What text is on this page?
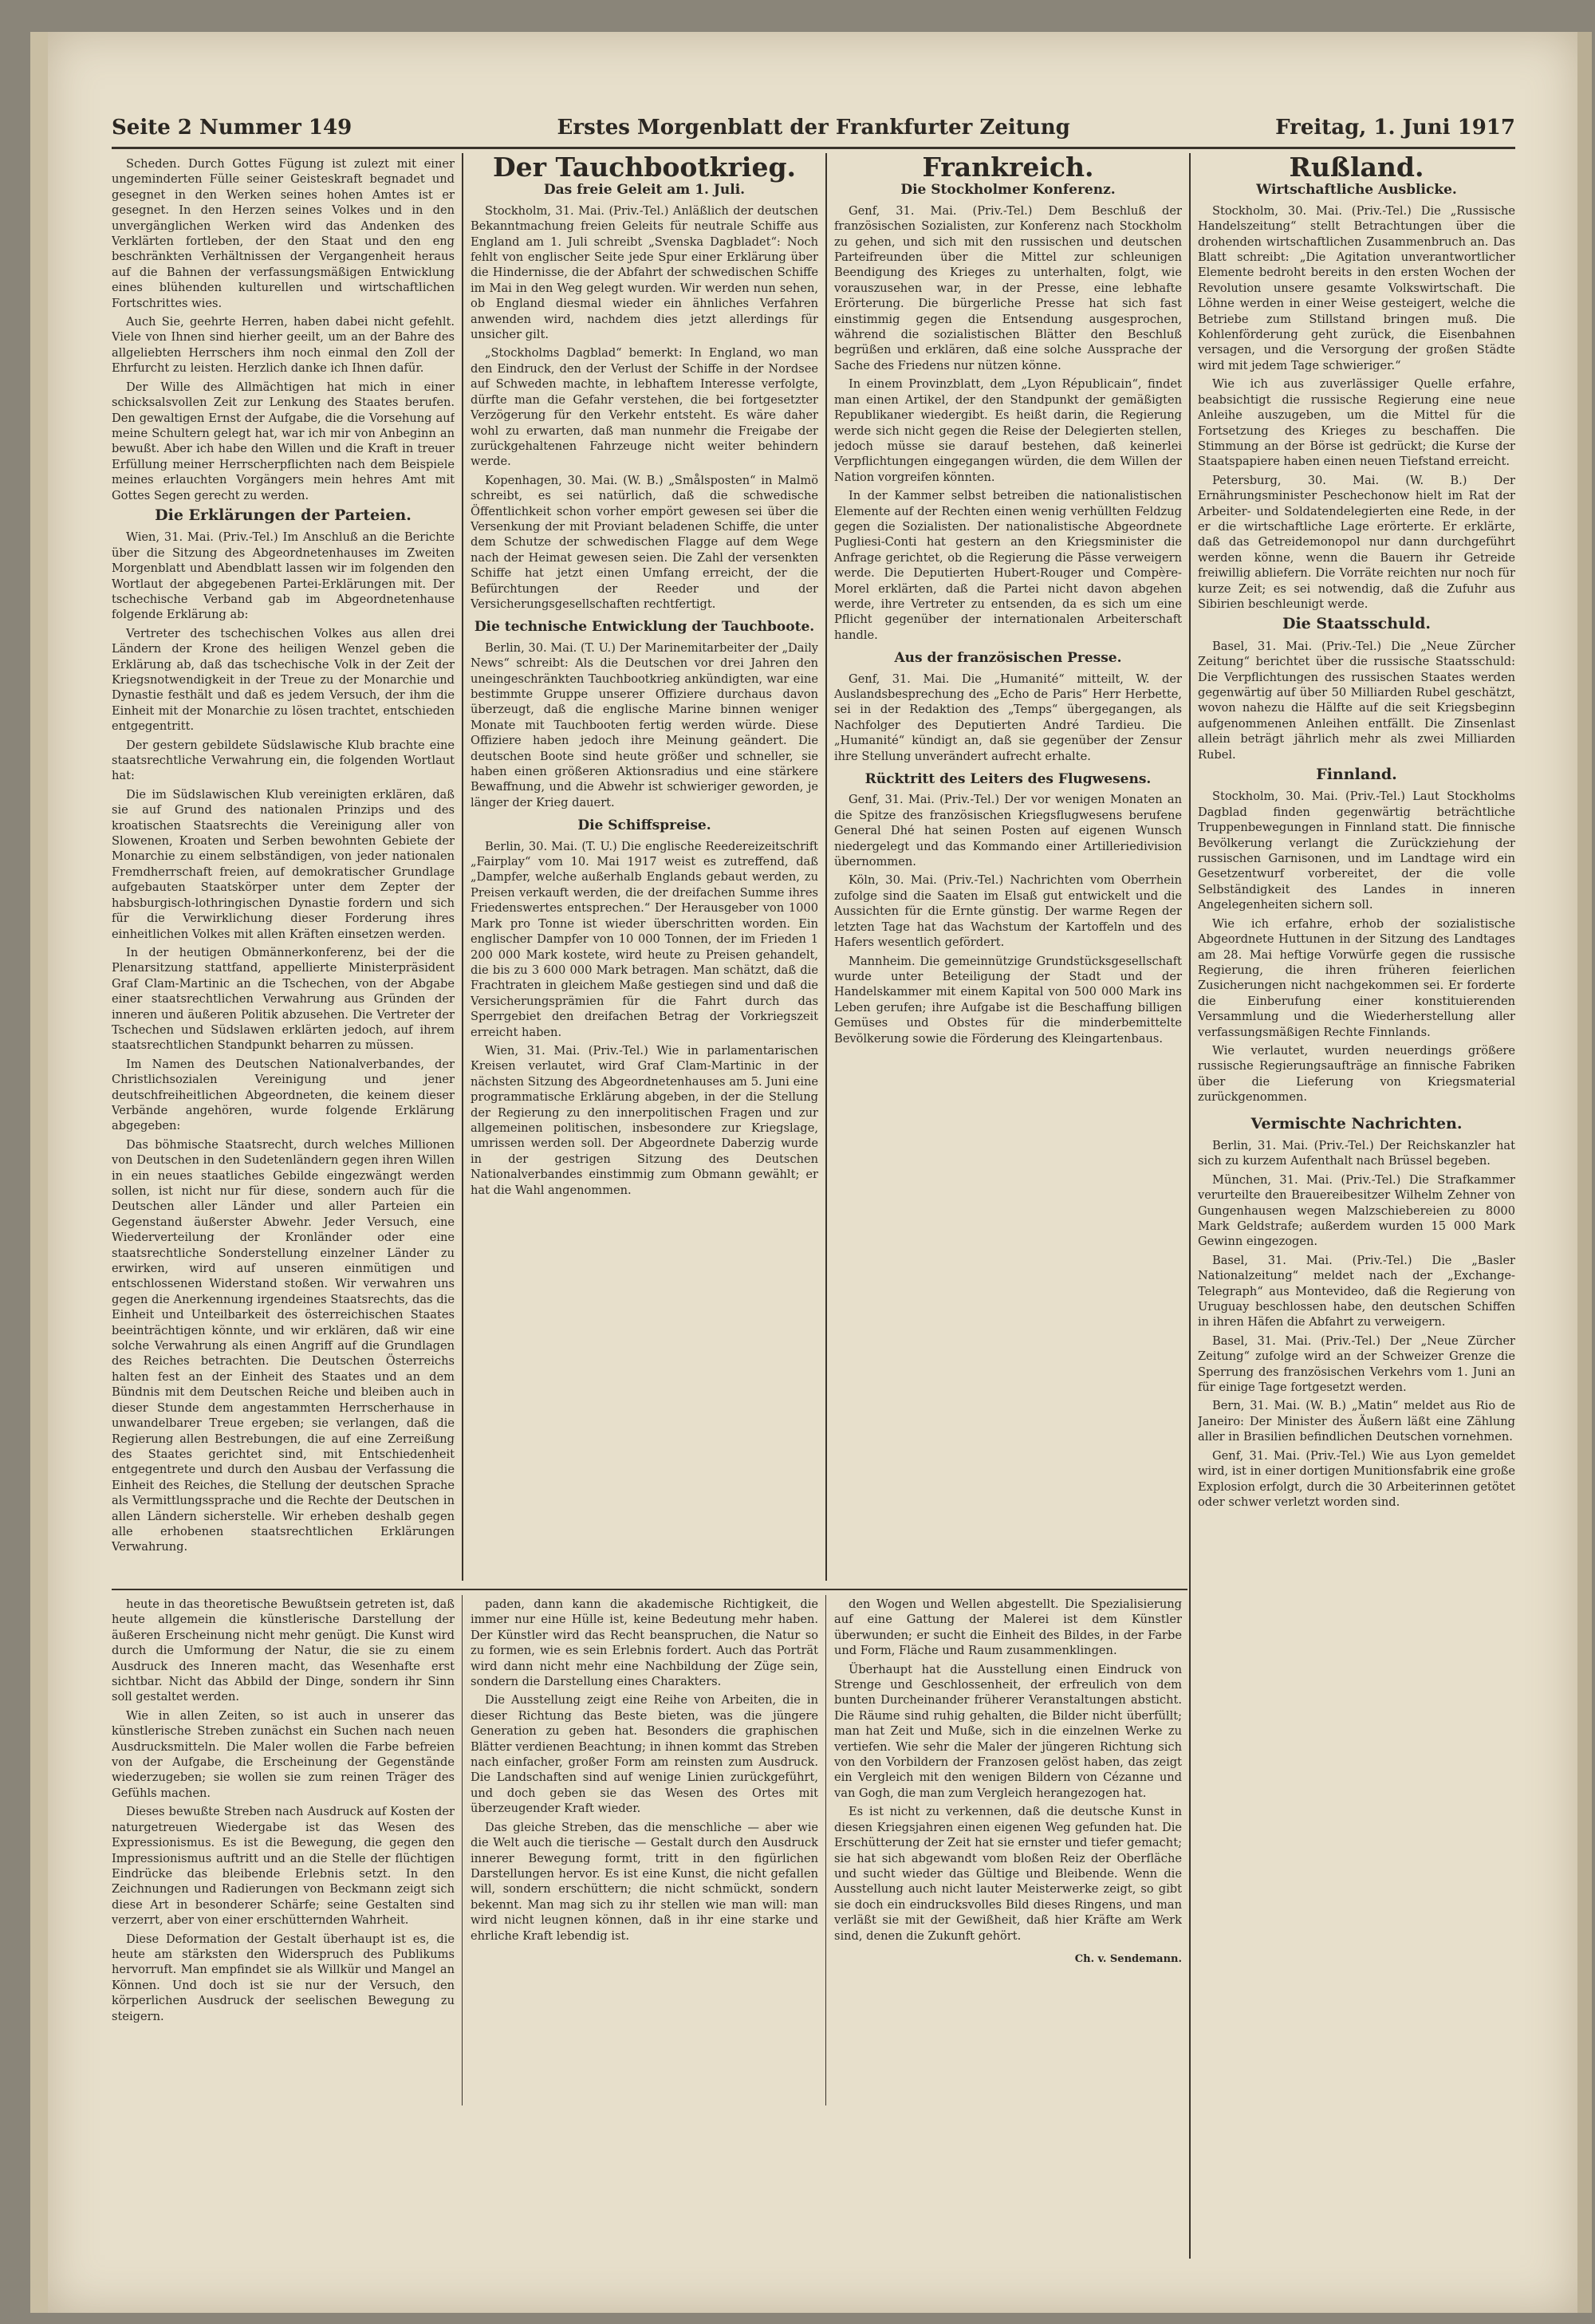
Seite 2 Nummer 149	Erstes Morgenblatt der Frankfurter Zeitung	Freitag, 1. Juni 1917

Scheden. Durch Gottes Fügung ist zulezt mit einer ungeminderten Fülle seiner Geisteskraft begnadet und gesegnet in den Werken seines hohen Amtes ist er gesegnet. In den Herzen seines Volkes und in den unvergänglichen Werken wird das Andenken des Verklärten fortleben, der den Staat und den eng beschränkten Verhältnissen der Vergangenheit heraus auf die Bahnen der verfassungsmäßigen Entwicklung eines blühenden kulturellen und wirtschaftlichen Fortschrittes wies.

Auch Sie, geehrte Herren, haben dabei nicht gefehlt. Viele von Ihnen sind hierher geeilt, um an der Bahre des allgeliebten Herrschers ihm noch einmal den Zoll der Ehrfurcht zu leisten. Herzlich danke ich Ihnen dafür.

Der Wille des Allmächtigen hat mich in einer schicksalsvollen Zeit zur Lenkung des Staates berufen. Den gewaltigen Ernst der Aufgabe, die die Vorsehung auf meine Schultern gelegt hat, war ich mir von Anbeginn an bewußt. Aber ich habe den Willen und die Kraft in treuer Erfüllung meiner Herrscherpflichten nach dem Beispiele meines erlauchten Vorgängers mein hehres Amt mit Gottes Segen gerecht zu werden.

Die Erklärungen der Parteien.

Wien, 31. Mai. (Priv.-Tel.) Im Anschluß an die Berichte über die Sitzung des Abgeordnetenhauses im Zweiten Morgenblatt und Abendblatt lassen wir im folgenden den Wortlaut der abgegebenen Partei-Erklärungen mit. Der tschechische Verband gab im Abgeordnetenhause folgende Erklärung ab:

Vertreter des tschechischen Volkes aus allen drei Ländern der Krone des heiligen Wenzel geben die Erklärung ab, daß das tschechische Volk in der Zeit der Kriegsnotwendigkeit in der Treue zu der Monarchie und Dynastie festhält und daß es jedem Versuch, der ihm die Einheit mit der Monarchie zu lösen trachtet, entschieden entgegentritt.

Der gestern gebildete Südslawische Klub brachte eine staatsrechtliche Verwahrung ein, die folgenden Wortlaut hat:

Die im Südslawischen Klub vereinigten erklären, daß sie auf Grund des nationalen Prinzips und des kroatischen Staatsrechts die Vereinigung aller von Slowenen, Kroaten und Serben bewohnten Gebiete der Monarchie zu einem selbständigen, von jeder nationalen Fremdherrschaft freien, auf demokratischer Grundlage aufgebauten Staatskörper unter dem Zepter der habsburgisch-lothringischen Dynastie fordern und sich für die Verwirklichung dieser Forderung ihres einheitlichen Volkes mit allen Kräften einsetzen werden.

In der heutigen Obmännerkonferenz, bei der die Plenarsitzung stattfand, appellierte Ministerpräsident Graf Clam-Martinic an die Tschechen, von der Abgabe einer staatsrechtlichen Verwahrung aus Gründen der inneren und äußeren Politik abzusehen. Die Vertreter der Tschechen und Südslawen erklärten jedoch, auf ihrem staatsrechtlichen Standpunkt beharren zu müssen.

Im Namen des Deutschen Nationalverbandes, der Christlichsozialen Vereinigung und jener deutschfreiheitlichen Abgeordneten, die keinem dieser Verbände angehören, wurde folgende Erklärung abgegeben:

Das böhmische Staatsrecht, durch welches Millionen von Deutschen in den Sudetenländern gegen ihren Willen in ein neues staatliches Gebilde eingezwängt werden sollen, ist nicht nur für diese, sondern auch für die Deutschen aller Länder und aller Parteien ein Gegenstand äußerster Abwehr. Jeder Versuch, eine Wiederverteilung der Kronländer oder eine staatsrechtliche Sonderstellung einzelner Länder zu erwirken, wird auf unseren einmütigen und entschlossenen Widerstand stoßen. Wir verwahren uns gegen die Anerkennung irgendeines Staatsrechts, das die Einheit und Unteilbarkeit des österreichischen Staates beeinträchtigen könnte, und wir erklären, daß wir eine solche Verwahrung als einen Angriff auf die Grundlagen des Reiches betrachten. Die Deutschen Österreichs halten fest an der Einheit des Staates und an dem Bündnis mit dem Deutschen Reiche und bleiben auch in dieser Stunde dem angestammten Herrscherhause in unwandelbarer Treue ergeben; sie verlangen, daß die Regierung allen Bestrebungen, die auf eine Zerreißung des Staates gerichtet sind, mit Entschiedenheit entgegentrete und durch den Ausbau der Verfassung die Einheit des Reiches, die Stellung der deutschen Sprache als Vermittlungssprache und die Rechte der Deutschen in allen Ländern sicherstelle. Wir erheben deshalb gegen alle erhobenen staatsrechtlichen Erklärungen Verwahrung.

Der Tauchbootkrieg.
Das freie Geleit am 1. Juli.

Stockholm, 31. Mai. (Priv.-Tel.) Anläßlich der deutschen Bekanntmachung freien Geleits für neutrale Schiffe aus England am 1. Juli schreibt „Svenska Dagbladet“: Noch fehlt von englischer Seite jede Spur einer Erklärung über die Hindernisse, die der Abfahrt der schwedischen Schiffe im Mai in den Weg gelegt wurden. Wir werden nun sehen, ob England diesmal wieder ein ähnliches Verfahren anwenden wird, nachdem dies jetzt allerdings für unsicher gilt.

„Stockholms Dagblad“ bemerkt: In England, wo man den Eindruck, den der Verlust der Schiffe in der Nordsee auf Schweden machte, in lebhaftem Interesse verfolgte, dürfte man die Gefahr verstehen, die bei fortgesetzter Verzögerung für den Verkehr entsteht. Es wäre daher wohl zu erwarten, daß man nunmehr die Freigabe der zurückgehaltenen Fahrzeuge nicht weiter behindern werde.

Kopenhagen, 30. Mai. (W. B.) „Smålsposten“ in Malmö schreibt, es sei natürlich, daß die schwedische Öffentlichkeit schon vorher empört gewesen sei über die Versenkung der mit Proviant beladenen Schiffe, die unter dem Schutze der schwedischen Flagge auf dem Wege nach der Heimat gewesen seien. Die Zahl der versenkten Schiffe hat jetzt einen Umfang erreicht, der die Befürchtungen der Reeder und der Versicherungsgesellschaften rechtfertigt.

Die technische Entwicklung der Tauchboote.

Berlin, 30. Mai. (T. U.) Der Marinemitarbeiter der „Daily News“ schreibt: Als die Deutschen vor drei Jahren den uneingeschränkten Tauchbootkrieg ankündigten, war eine bestimmte Gruppe unserer Offiziere durchaus davon überzeugt, daß die englische Marine binnen weniger Monate mit Tauchbooten fertig werden würde. Diese Offiziere haben jedoch ihre Meinung geändert. Die deutschen Boote sind heute größer und schneller, sie haben einen größeren Aktionsradius und eine stärkere Bewaffnung, und die Abwehr ist schwieriger geworden, je länger der Krieg dauert.

Die Schiffspreise.

Berlin, 30. Mai. (T. U.) Die englische Reedereizeitschrift „Fairplay“ vom 10. Mai 1917 weist es zutreffend, daß „Dampfer, welche außerhalb Englands gebaut werden, zu Preisen verkauft werden, die der dreifachen Summe ihres Friedenswertes entsprechen.“ Der Herausgeber von 1000 Mark pro Tonne ist wieder überschritten worden. Ein englischer Dampfer von 10 000 Tonnen, der im Frieden 1 200 000 Mark kostete, wird heute zu Preisen gehandelt, die bis zu 3 600 000 Mark betragen. Man schätzt, daß die Frachtraten in gleichem Maße gestiegen sind und daß die Versicherungsprämien für die Fahrt durch das Sperrgebiet den dreifachen Betrag der Vorkriegszeit erreicht haben.

Wien, 31. Mai. (Priv.-Tel.) Wie in parlamentarischen Kreisen verlautet, wird Graf Clam-Martinic in der nächsten Sitzung des Abgeordnetenhauses am 5. Juni eine programmatische Erklärung abgeben, in der die Stellung der Regierung zu den innerpolitischen Fragen und zur allgemeinen politischen, insbesondere zur Kriegslage, umrissen werden soll. Der Abgeordnete Daberzig wurde in der gestrigen Sitzung des Deutschen Nationalverbandes einstimmig zum Obmann gewählt; er hat die Wahl angenommen.

Frankreich.
Die Stockholmer Konferenz.

Genf, 31. Mai. (Priv.-Tel.) Dem Beschluß der französischen Sozialisten, zur Konferenz nach Stockholm zu gehen, und sich mit den russischen und deutschen Parteifreunden über die Mittel zur schleunigen Beendigung des Krieges zu unterhalten, folgt, wie vorauszusehen war, in der Presse, eine lebhafte Erörterung. Die bürgerliche Presse hat sich fast einstimmig gegen die Entsendung ausgesprochen, während die sozialistischen Blätter den Beschluß begrüßen und erklären, daß eine solche Aussprache der Sache des Friedens nur nützen könne.

In einem Provinzblatt, dem „Lyon Républicain“, findet man einen Artikel, der den Standpunkt der gemäßigten Republikaner wiedergibt. Es heißt darin, die Regierung werde sich nicht gegen die Reise der Delegierten stellen, jedoch müsse sie darauf bestehen, daß keinerlei Verpflichtungen eingegangen würden, die dem Willen der Nation vorgreifen könnten.

In der Kammer selbst betreiben die nationalistischen Elemente auf der Rechten einen wenig verhüllten Feldzug gegen die Sozialisten. Der nationalistische Abgeordnete Pugliesi-Conti hat gestern an den Kriegsminister die Anfrage gerichtet, ob die Regierung die Pässe verweigern werde. Die Deputierten Hubert-Rouger und Compère-Morel erklärten, daß die Partei nicht davon abgehen werde, ihre Vertreter zu entsenden, da es sich um eine Pflicht gegenüber der internationalen Arbeiterschaft handle.

Aus der französischen Presse.

Genf, 31. Mai. Die „Humanité“ mitteilt, W. der Auslandsbesprechung des „Echo de Paris“ Herr Herbette, sei in der Redaktion des „Temps“ übergegangen, als Nachfolger des Deputierten André Tardieu. Die „Humanité“ kündigt an, daß sie gegenüber der Zensur ihre Stellung unverändert aufrecht erhalte.

Rücktritt des Leiters des Flugwesens.

Genf, 31. Mai. (Priv.-Tel.) Der vor wenigen Monaten an die Spitze des französischen Kriegsflugwesens berufene General Dhé hat seinen Posten auf eigenen Wunsch niedergelegt und das Kommando einer Artilleriedivision übernommen.

Köln, 30. Mai. (Priv.-Tel.) Nachrichten vom Oberrhein zufolge sind die Saaten im Elsaß gut entwickelt und die Aussichten für die Ernte günstig. Der warme Regen der letzten Tage hat das Wachstum der Kartoffeln und des Hafers wesentlich gefördert.

Mannheim. Die gemeinnützige Grundstücksgesellschaft wurde unter Beteiligung der Stadt und der Handelskammer mit einem Kapital von 500 000 Mark ins Leben gerufen; ihre Aufgabe ist die Beschaffung billigen Gemüses und Obstes für die minderbemittelte Bevölkerung sowie die Förderung des Kleingartenbaus.

Rußland.
Wirtschaftliche Ausblicke.

Stockholm, 30. Mai. (Priv.-Tel.) Die „Russische Handelszeitung“ stellt Betrachtungen über die drohenden wirtschaftlichen Zusammenbruch an. Das Blatt schreibt: „Die Agitation unverantwortlicher Elemente bedroht bereits in den ersten Wochen der Revolution unsere gesamte Volkswirtschaft. Die Löhne werden in einer Weise gesteigert, welche die Betriebe zum Stillstand bringen muß. Die Kohlenförderung geht zurück, die Eisenbahnen versagen, und die Versorgung der großen Städte wird mit jedem Tage schwieriger.“

Wie ich aus zuverlässiger Quelle erfahre, beabsichtigt die russische Regierung eine neue Anleihe auszugeben, um die Mittel für die Fortsetzung des Krieges zu beschaffen. Die Stimmung an der Börse ist gedrückt; die Kurse der Staatspapiere haben einen neuen Tiefstand erreicht.

Petersburg, 30. Mai. (W. B.) Der Ernährungsminister Peschechonow hielt im Rat der Arbeiter- und Soldatendelegierten eine Rede, in der er die wirtschaftliche Lage erörterte. Er erklärte, daß das Getreidemonopol nur dann durchgeführt werden könne, wenn die Bauern ihr Getreide freiwillig abliefern. Die Vorräte reichten nur noch für kurze Zeit; es sei notwendig, daß die Zufuhr aus Sibirien beschleunigt werde.

Die Staatsschuld.

Basel, 31. Mai. (Priv.-Tel.) Die „Neue Zürcher Zeitung“ berichtet über die russische Staatsschuld: Die Verpflichtungen des russischen Staates werden gegenwärtig auf über 50 Milliarden Rubel geschätzt, wovon nahezu die Hälfte auf die seit Kriegsbeginn aufgenommenen Anleihen entfällt. Die Zinsenlast allein beträgt jährlich mehr als zwei Milliarden Rubel.

Finnland.

Stockholm, 30. Mai. (Priv.-Tel.) Laut Stockholms Dagblad finden gegenwärtig beträchtliche Truppenbewegungen in Finnland statt. Die finnische Bevölkerung verlangt die Zurückziehung der russischen Garnisonen, und im Landtage wird ein Gesetzentwurf vorbereitet, der die volle Selbständigkeit des Landes in inneren Angelegenheiten sichern soll.

Wie ich erfahre, erhob der sozialistische Abgeordnete Huttunen in der Sitzung des Landtages am 28. Mai heftige Vorwürfe gegen die russische Regierung, die ihren früheren feierlichen Zusicherungen nicht nachgekommen sei. Er forderte die Einberufung einer konstituierenden Versammlung und die Wiederherstellung aller verfassungsmäßigen Rechte Finnlands.

Wie verlautet, wurden neuerdings größere russische Regierungsaufträge an finnische Fabriken über die Lieferung von Kriegsmaterial zurückgenommen.

Vermischte Nachrichten.

Berlin, 31. Mai. (Priv.-Tel.) Der Reichskanzler hat sich zu kurzem Aufenthalt nach Brüssel begeben.

München, 31. Mai. (Priv.-Tel.) Die Strafkammer verurteilte den Brauereibesitzer Wilhelm Zehner von Gungenhausen wegen Malzschiebereien zu 8000 Mark Geldstrafe; außerdem wurden 15 000 Mark Gewinn eingezogen.

Basel, 31. Mai. (Priv.-Tel.) Die „Basler Nationalzeitung“ meldet nach der „Exchange-Telegraph“ aus Montevideo, daß die Regierung von Uruguay beschlossen habe, den deutschen Schiffen in ihren Häfen die Abfahrt zu verweigern.

Basel, 31. Mai. (Priv.-Tel.) Der „Neue Zürcher Zeitung“ zufolge wird an der Schweizer Grenze die Sperrung des französischen Verkehrs vom 1. Juni an für einige Tage fortgesetzt werden.

Bern, 31. Mai. (W. B.) „Matin“ meldet aus Rio de Janeiro: Der Minister des Äußern läßt eine Zählung aller in Brasilien befindlichen Deutschen vornehmen.

Genf, 31. Mai. (Priv.-Tel.) Wie aus Lyon gemeldet wird, ist in einer dortigen Munitionsfabrik eine große Explosion erfolgt, durch die 30 Arbeiterinnen getötet oder schwer verletzt worden sind.

heute in das theoretische Bewußtsein getreten ist, daß heute allgemein die künstlerische Darstellung der äußeren Erscheinung nicht mehr genügt. Die Kunst wird durch die Umformung der Natur, die sie zu einem Ausdruck des Inneren macht, das Wesenhafte erst sichtbar. Nicht das Abbild der Dinge, sondern ihr Sinn soll gestaltet werden.

Wie in allen Zeiten, so ist auch in unserer das künstlerische Streben zunächst ein Suchen nach neuen Ausdrucksmitteln. Die Maler wollen die Farbe befreien von der Aufgabe, die Erscheinung der Gegenstände wiederzugeben; sie wollen sie zum reinen Träger des Gefühls machen.

Dieses bewußte Streben nach Ausdruck auf Kosten der naturgetreuen Wiedergabe ist das Wesen des Expressionismus. Es ist die Bewegung, die gegen den Impressionismus auftritt und an die Stelle der flüchtigen Eindrücke das bleibende Erlebnis setzt. In den Zeichnungen und Radierungen von Beckmann zeigt sich diese Art in besonderer Schärfe; seine Gestalten sind verzerrt, aber von einer erschütternden Wahrheit.

Diese Deformation der Gestalt überhaupt ist es, die heute am stärksten den Widerspruch des Publikums hervorruft. Man empfindet sie als Willkür und Mangel an Können. Und doch ist sie nur der Versuch, den körperlichen Ausdruck der seelischen Bewegung zu steigern.

paden, dann kann die akademische Richtigkeit, die immer nur eine Hülle ist, keine Bedeutung mehr haben. Der Künstler wird das Recht beanspruchen, die Natur so zu formen, wie es sein Erlebnis fordert. Auch das Porträt wird dann nicht mehr eine Nachbildung der Züge sein, sondern die Darstellung eines Charakters.

Die Ausstellung zeigt eine Reihe von Arbeiten, die in dieser Richtung das Beste bieten, was die jüngere Generation zu geben hat. Besonders die graphischen Blätter verdienen Beachtung; in ihnen kommt das Streben nach einfacher, großer Form am reinsten zum Ausdruck. Die Landschaften sind auf wenige Linien zurückgeführt, und doch geben sie das Wesen des Ortes mit überzeugender Kraft wieder.

Das gleiche Streben, das die menschliche — aber wie die Welt auch die tierische — Gestalt durch den Ausdruck innerer Bewegung formt, tritt in den figürlichen Darstellungen hervor. Es ist eine Kunst, die nicht gefallen will, sondern erschüttern; die nicht schmückt, sondern bekennt. Man mag sich zu ihr stellen wie man will: man wird nicht leugnen können, daß in ihr eine starke und ehrliche Kraft lebendig ist.

den Wogen und Wellen abgestellt. Die Spezialisierung auf eine Gattung der Malerei ist dem Künstler überwunden; er sucht die Einheit des Bildes, in der Farbe und Form, Fläche und Raum zusammenklingen.

Überhaupt hat die Ausstellung einen Eindruck von Strenge und Geschlossenheit, der erfreulich von dem bunten Durcheinander früherer Veranstaltungen absticht. Die Räume sind ruhig gehalten, die Bilder nicht überfüllt; man hat Zeit und Muße, sich in die einzelnen Werke zu vertiefen. Wie sehr die Maler der jüngeren Richtung sich von den Vorbildern der Franzosen gelöst haben, das zeigt ein Vergleich mit den wenigen Bildern von Cézanne und van Gogh, die man zum Vergleich herangezogen hat.

Es ist nicht zu verkennen, daß die deutsche Kunst in diesen Kriegsjahren einen eigenen Weg gefunden hat. Die Erschütterung der Zeit hat sie ernster und tiefer gemacht; sie hat sich abgewandt vom bloßen Reiz der Oberfläche und sucht wieder das Gültige und Bleibende. Wenn die Ausstellung auch nicht lauter Meisterwerke zeigt, so gibt sie doch ein eindrucksvolles Bild dieses Ringens, und man verläßt sie mit der Gewißheit, daß hier Kräfte am Werk sind, denen die Zukunft gehört.

Ch. v. Sendemann.
